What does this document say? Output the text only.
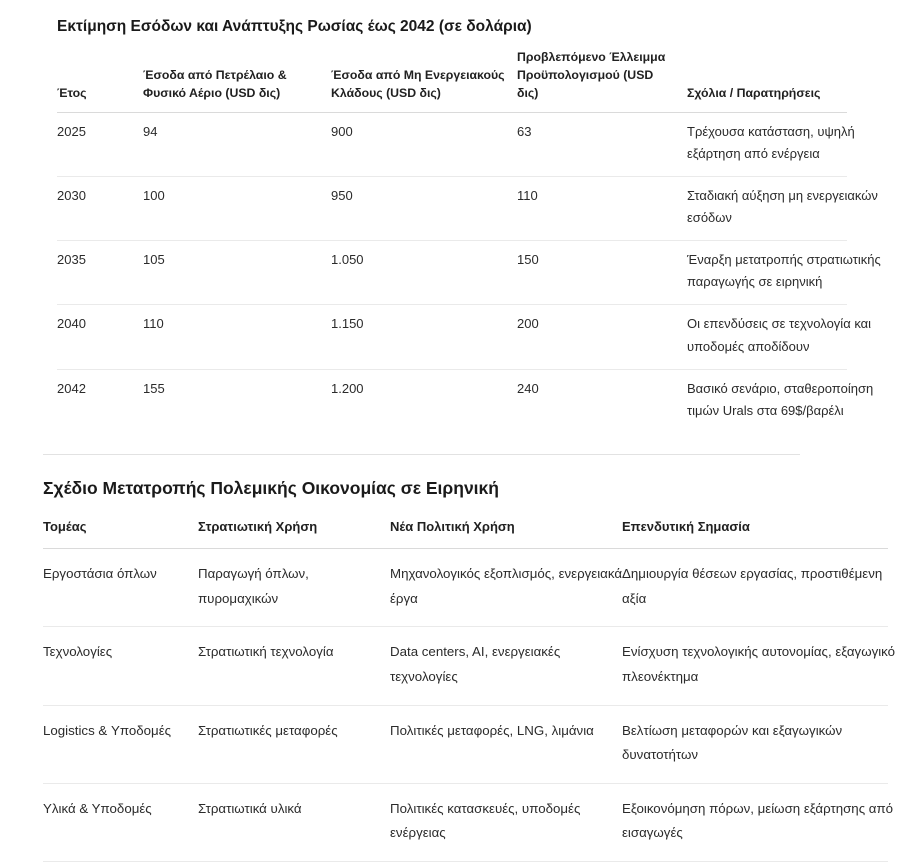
Εκτίμηση Εσόδων και Ανάπτυξης Ρωσίας έως 2042 (σε δολάρια)
Έτος	Έσοδα από Πετρέλαιο & Φυσικό Αέριο (USD δις)	Έσοδα από Μη Ενεργειακούς Κλάδους (USD δις)	Προβλεπόμενο Έλλειμμα Προϋπολογισμού (USD δις)	Σχόλια / Παρατηρήσεις

2025	94	900	63	Τρέχουσα κατάσταση, υψηλή εξάρτηση από ενέργεια

2030	100	950	110	Σταδιακή αύξηση μη ενεργειακών εσόδων

2035	105	1.050	150	Έναρξη μετατροπής στρατιωτικής παραγωγής σε ειρηνική

2040	110	1.150	200	Οι επενδύσεις σε τεχνολογία και υποδομές αποδίδουν

2042	155	1.200	240	Βασικό σενάριο, σταθεροποίηση τιμών Urals στα 69$/βαρέλι
Σχέδιο Μετατροπής Πολεμικής Οικονομίας σε Ειρηνική
Τομέας	Στρατιωτική Χρήση	Νέα Πολιτική Χρήση	Επενδυτική Σημασία

Εργοστάσια όπλων	Παραγωγή όπλων, πυρομαχικών	Μηχανολογικός εξοπλισμός, ενεργειακά έργα	Δημιουργία θέσεων εργασίας, προστιθέμενη αξία

Τεχνολογίες	Στρατιωτική τεχνολογία	Data centers, AI, ενεργειακές τεχνολογίες	Ενίσχυση τεχνολογικής αυτονομίας, εξαγωγικό πλεονέκτημα

Logistics & Υποδομές	Στρατιωτικές μεταφορές	Πολιτικές μεταφορές, LNG, λιμάνια	Βελτίωση μεταφορών και εξαγωγικών δυνατοτήτων

Υλικά & Υποδομές	Στρατιωτικά υλικά	Πολιτικές κατασκευές, υποδομές ενέργειας	Εξοικονόμηση πόρων, μείωση εξάρτησης από εισαγωγές
